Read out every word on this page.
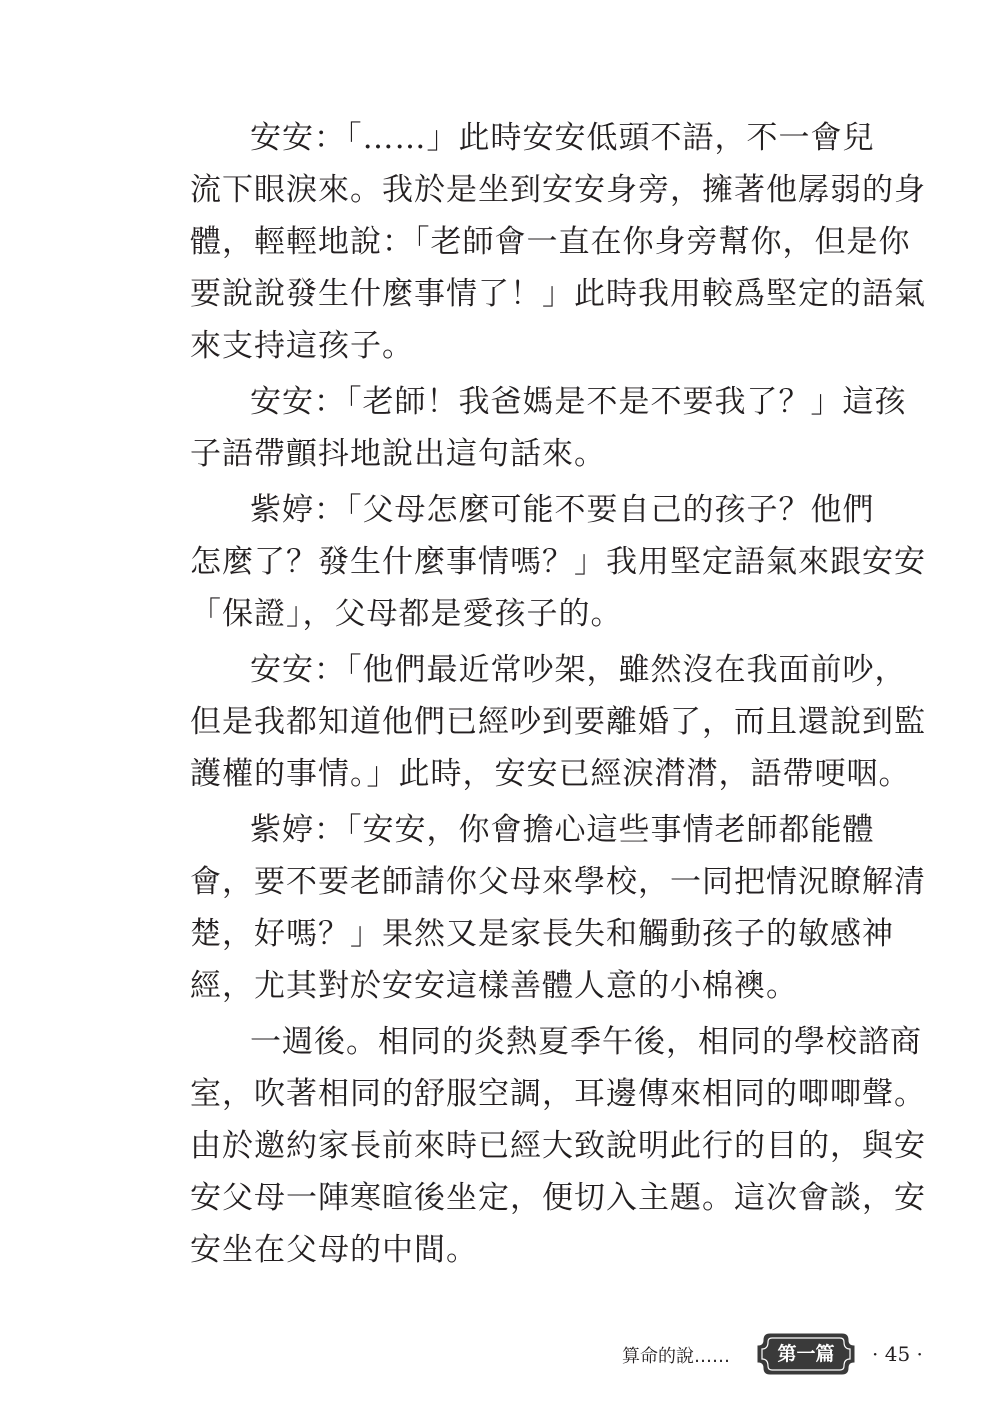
安安：「……」此時安安低頭不語，不一會兒
流下眼淚來。我於是坐到安安身旁，擁著他孱弱的身
體，輕輕地說：「老師會一直在你身旁幫你，但是你
要說說發生什麼事情了！」此時我用較爲堅定的語氣
來支持這孩子。

安安：「老師！我爸媽是不是不要我了？」這孩
子語帶顫抖地說出這句話來。

紫婷：「父母怎麼可能不要自己的孩子？他們
怎麼了？發生什麼事情嗎？」我用堅定語氣來跟安安
「保證」，父母都是愛孩子的。

安安：「他們最近常吵架，雖然沒在我面前吵，
但是我都知道他們已經吵到要離婚了，而且還說到監
護權的事情。」此時，安安已經淚潸潸，語帶哽咽。

紫婷：「安安，你會擔心這些事情老師都能體
會，要不要老師請你父母來學校，一同把情況瞭解清
楚，好嗎？」果然又是家長失和觸動孩子的敏感神
經，尤其對於安安這樣善體人意的小棉襖。

一週後。相同的炎熱夏季午後，相同的學校諮商
室，吹著相同的舒服空調，耳邊傳來相同的唧唧聲。
由於邀約家長前來時已經大致說明此行的目的，與安
安父母一陣寒暄後坐定，便切入主題。這次會談，安
安坐在父母的中間。

算命的說……	第一篇	· 45 ·
